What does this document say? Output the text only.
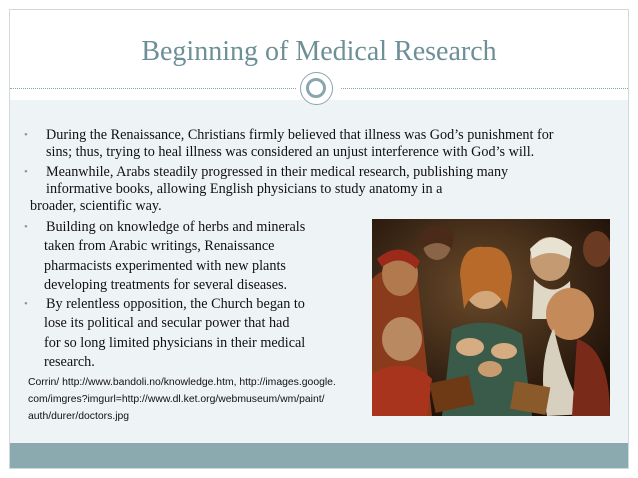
Beginning of Medical Research
•	During the Renaissance, Christians firmly believed that illness was God’s punishment for
sins; thus, trying to heal illness was considered an unjust interference with God’s will.
•	Meanwhile, Arabs steadily progressed in their medical research, publishing many
informative books, allowing English physicians to study anatomy in a
broader, scientific way.
•	Building on knowledge of herbs and minerals
taken from Arabic writings, Renaissance
pharmacists experimented with new plants
developing treatments for several diseases.
•	By relentless opposition, the Church began to
lose its political and secular power that had
for so long limited physicians in their medical
research.
Corrin/ http://www.bandoli.no/knowledge.htm, http://images.google.
com/imgres?imgurl=http://www.dl.ket.org/webmuseum/wm/paint/
auth/durer/doctors.jpg
